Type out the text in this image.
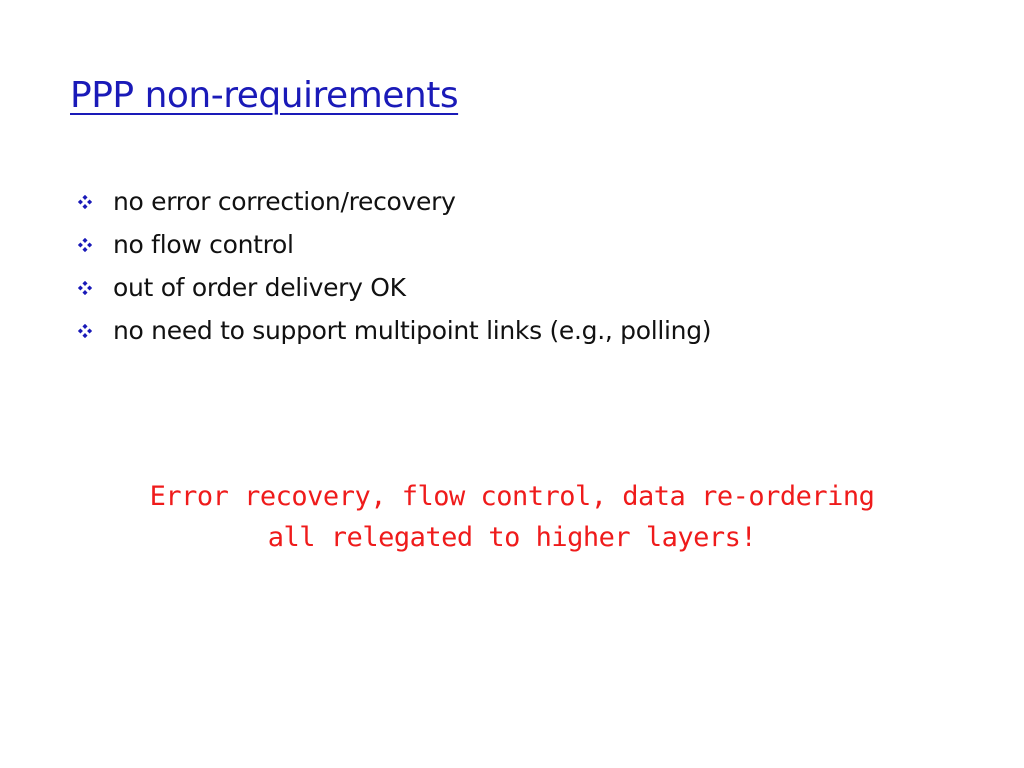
PPP non-requirements
no error correction/recovery
no flow control
out of order delivery OK
no need to support multipoint links (e.g., polling)

Error recovery, flow control, data re-ordering
all relegated to higher layers!
